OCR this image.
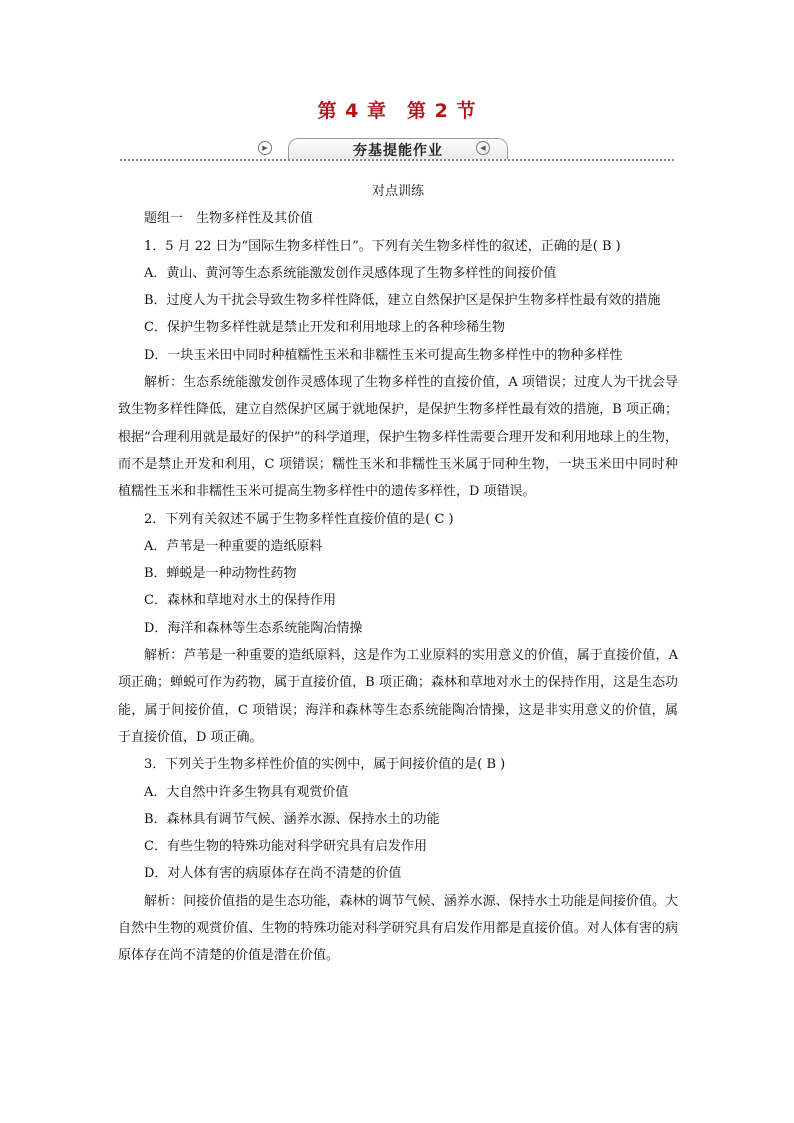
第 4 章　第 2 节
夯基提能作业
▶	◀

对点训练

题组一　生物多样性及其价值

1．5 月 22 日为“国际生物多样性日”。下列有关生物多样性的叙述，正确的是( B )

A．黄山、黄河等生态系统能激发创作灵感体现了生物多样性的间接价值

B．过度人为干扰会导致生物多样性降低，建立自然保护区是保护生物多样性最有效的措施

C．保护生物多样性就是禁止开发和利用地球上的各种珍稀生物

D．一块玉米田中同时种植糯性玉米和非糯性玉米可提高生物多样性中的物种多样性

解析：生态系统能激发创作灵感体现了生物多样性的直接价值，A 项错误；过度人为干扰会导致生物多样性降低，建立自然保护区属于就地保护，是保护生物多样性最有效的措施，B 项正确；根据“合理利用就是最好的保护”的科学道理，保护生物多样性需要合理开发和利用地球上的生物，而不是禁止开发和利用，C 项错误；糯性玉米和非糯性玉米属于同种生物，一块玉米田中同时种植糯性玉米和非糯性玉米可提高生物多样性中的遗传多样性，D 项错误。

2．下列有关叙述不属于生物多样性直接价值的是( C )

A．芦苇是一种重要的造纸原料

B．蝉蜕是一种动物性药物

C．森林和草地对水土的保持作用

D．海洋和森林等生态系统能陶冶情操

解析：芦苇是一种重要的造纸原料，这是作为工业原料的实用意义的价值，属于直接价值，A 项正确；蝉蜕可作为药物，属于直接价值，B 项正确；森林和草地对水土的保持作用，这是生态功能，属于间接价值，C 项错误；海洋和森林等生态系统能陶冶情操，这是非实用意义的价值，属于直接价值，D 项正确。

3．下列关于生物多样性价值的实例中，属于间接价值的是( B )

A．大自然中许多生物具有观赏价值

B．森林具有调节气候、涵养水源、保持水土的功能

C．有些生物的特殊功能对科学研究具有启发作用

D．对人体有害的病原体存在尚不清楚的价值

解析：间接价值指的是生态功能，森林的调节气候、涵养水源、保持水土功能是间接价值。大自然中生物的观赏价值、生物的特殊功能对科学研究具有启发作用都是直接价值。对人体有害的病原体存在尚不清楚的价值是潜在价值。
